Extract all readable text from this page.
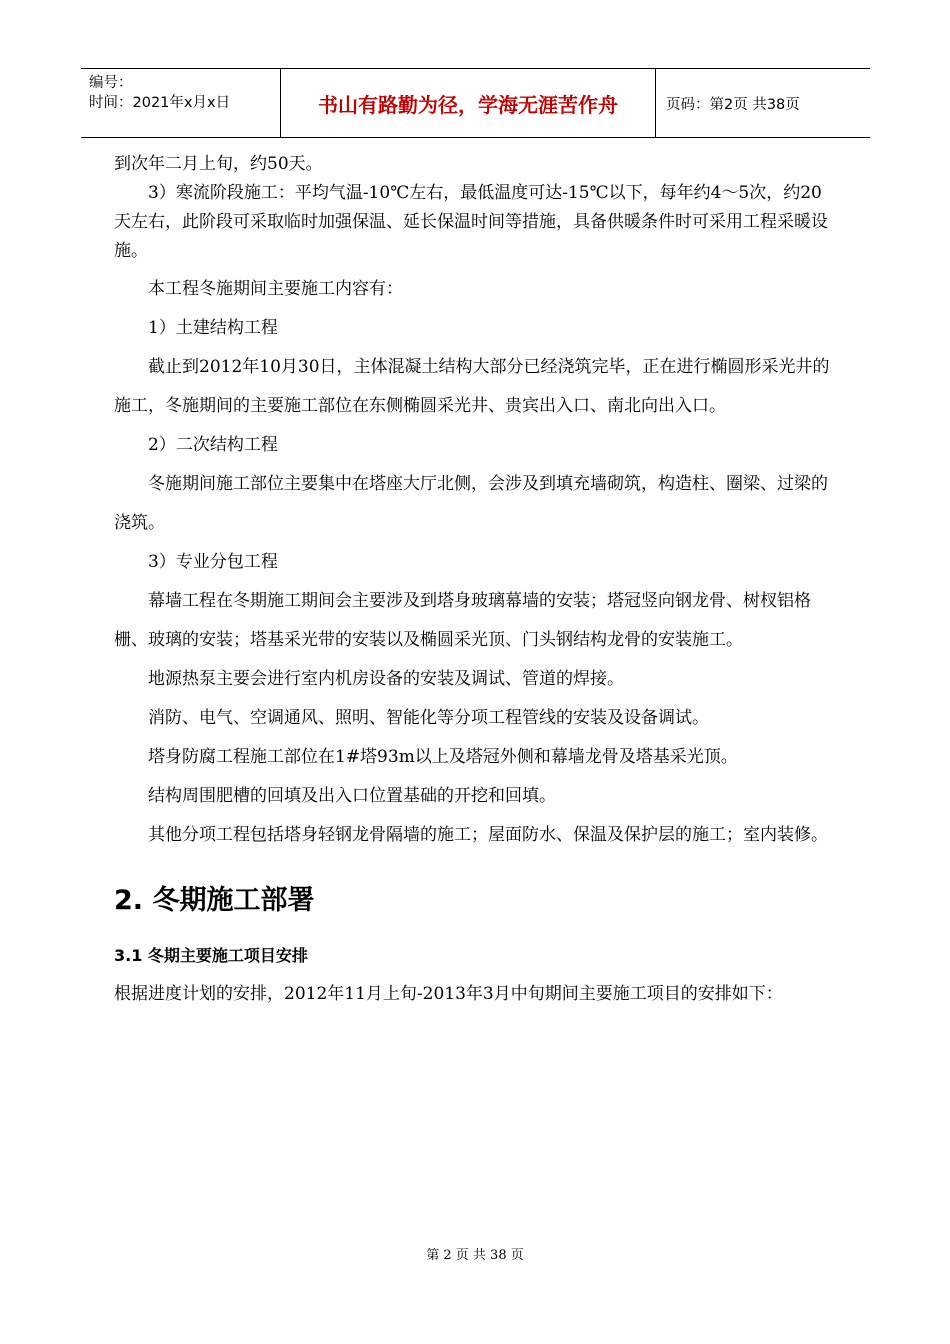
编号：
时间：2021年x月x日	书山有路勤为径，学海无涯苦作舟	页码：第2页 共38页

到次年二月上旬，约50天。

3）寒流阶段施工：平均气温-10℃左右，最低温度可达-15℃以下，每年约4～5次，约20天左右，此阶段可采取临时加强保温、延长保温时间等措施，具备供暖条件时可采用工程采暖设施。

本工程冬施期间主要施工内容有：

1）土建结构工程

截止到2012年10月30日，主体混凝土结构大部分已经浇筑完毕，正在进行椭圆形采光井的施工，冬施期间的主要施工部位在东侧椭圆采光井、贵宾出入口、南北向出入口。

2）二次结构工程

冬施期间施工部位主要集中在塔座大厅北侧，会涉及到填充墙砌筑，构造柱、圈梁、过梁的浇筑。

3）专业分包工程

幕墙工程在冬期施工期间会主要涉及到塔身玻璃幕墙的安装；塔冠竖向钢龙骨、树杈铝格栅、玻璃的安装；塔基采光带的安装以及椭圆采光顶、门头钢结构龙骨的安装施工。

地源热泵主要会进行室内机房设备的安装及调试、管道的焊接。

消防、电气、空调通风、照明、智能化等分项工程管线的安装及设备调试。

塔身防腐工程施工部位在1#塔93m以上及塔冠外侧和幕墙龙骨及塔基采光顶。

结构周围肥槽的回填及出入口位置基础的开挖和回填。

其他分项工程包括塔身轻钢龙骨隔墙的施工；屋面防水、保温及保护层的施工；室内装修。

2. 冬期施工部署
3.1 冬期主要施工项目安排

根据进度计划的安排，2012年11月上旬-2013年3月中旬期间主要施工项目的安排如下：

第 2 页 共 38 页
